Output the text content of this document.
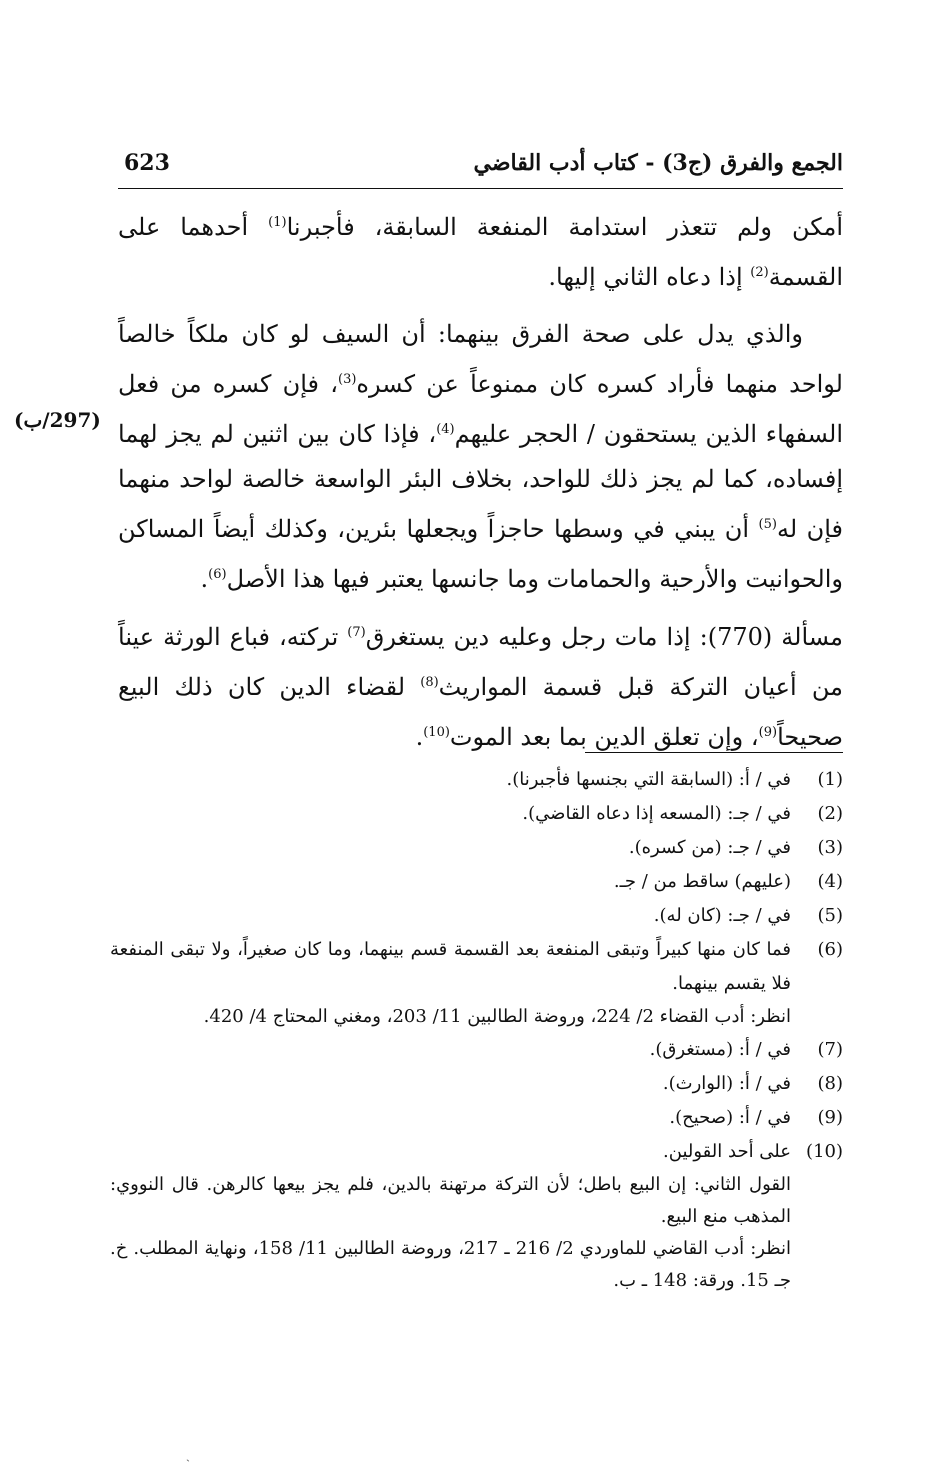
623	الجمع والفرق (ج3) - كتاب أدب القاضي
أمكن ولم تتعذر استدامة المنفعة السابقة، فأجبرنا$^{(1)}$ أحدهما على القسمة$^{(2)}$ إذا دعاه الثاني إليها.
والذي يدل على صحة الفرق بينهما: أن السيف لو كان ملكاً خالصاً لواحد منهما فأراد كسره كان ممنوعاً عن كسره$^{(3)}$، فإن كسره من فعل السفهاء الذين يستحقون / الحجر عليهم$^{(4)}$، فإذا كان بين اثنين لم يجز لهما إفساده، كما لم يجز ذلك للواحد، بخلاف البئر الواسعة خالصة لواحد منهما فإن له$^{(5)}$ أن يبني في وسطها حاجزاً ويجعلها بئرين، وكذلك أيضاً المساكن والحوانيت والأرحية والحمامات وما جانسها يعتبر فيها هذا الأصل$^{(6)}$.
(297/ب)
مسألة (770): إذا مات رجل وعليه دين يستغرق$^{(7)}$ تركته، فباع الورثة عيناً من أعيان التركة قبل قسمة المواريث$^{(8)}$ لقضاء الدين كان ذلك البيع صحيحاً$^{(9)}$، وإن تعلق الدين بما بعد الموت$^{(10)}$.
(1)
في / أ: (السابقة التي بجنسها فأجبرنا).
(2)
في / جـ: (المسعه إذا دعاه القاضي).
(3)
في / جـ: (من كسره).
(4)
(عليهم) ساقط من / جـ.
(5)
في / جـ: (كان له).
(6)
فما كان منها كبيراً وتبقى المنفعة بعد القسمة قسم بينهما، وما كان صغيراً، ولا تبقى المنفعة فلا يقسم بينهما.
انظر: أدب القضاء 2/ 224، وروضة الطالبين 11/ 203، ومغني المحتاج 4/ 420.
(7)
في / أ: (مستغرق).
(8)
في / أ: (الوارث).
(9)
في / أ: (صحيح).
(10)
على أحد القولين.
القول الثاني: إن البيع باطل؛ لأن التركة مرتهنة بالدين، فلم يجز بيعها كالرهن. قال النووي: المذهب منع البيع.
انظر: أدب القاضي للماوردي 2/ 216 ـ 217، وروضة الطالبين 11/ 158، ونهاية المطلب. خ. جـ 15. ورقة: 148 ـ ب.
ˏ
